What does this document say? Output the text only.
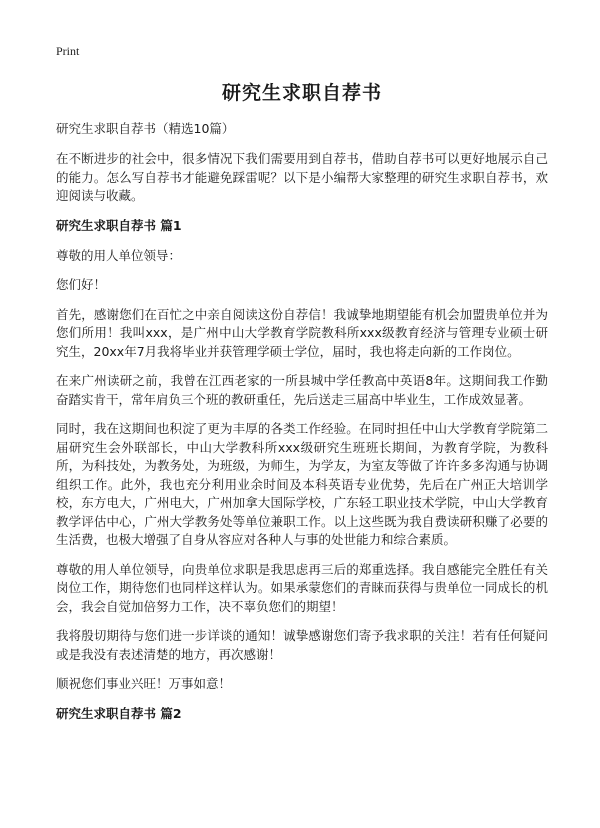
Print
研究生求职自荐书
研究生求职自荐书（精选10篇）

在不断进步的社会中，很多情况下我们需要用到自荐书，借助自荐书可以更好地展示自己的能力。怎么写自荐书才能避免踩雷呢？以下是小编帮大家整理的研究生求职自荐书，欢迎阅读与收藏。

研究生求职自荐书 篇1

尊敬的用人单位领导：

您们好！

首先，感谢您们在百忙之中亲自阅读这份自荐信！我诚挚地期望能有机会加盟贵单位并为您们所用！我叫xxx，是广州中山大学教育学院教科所xxx级教育经济与管理专业硕士研究生，20xx年7月我将毕业并获管理学硕士学位，届时，我也将走向新的工作岗位。

在来广州读研之前，我曾在江西老家的一所县城中学任教高中英语8年。这期间我工作勤奋踏实肯干，常年肩负三个班的教研重任，先后送走三届高中毕业生，工作成效显著。

同时，我在这期间也积淀了更为丰厚的各类工作经验。在同时担任中山大学教育学院第二届研究生会外联部长，中山大学教科所xxx级研究生班班长期间，为教育学院，为教科所，为科技处，为教务处，为班级，为师生，为学友，为室友等做了许许多多沟通与协调组织工作。此外，我也充分利用业余时间及本科英语专业优势，先后在广州正大培训学校，东方电大，广州电大，广州加拿大国际学校，广东轻工职业技术学院，中山大学教育教学评估中心，广州大学教务处等单位兼职工作。以上这些既为我自费读研积赚了必要的生活费，也极大增强了自身从容应对各种人与事的处世能力和综合素质。

尊敬的用人单位领导，向贵单位求职是我思虑再三后的郑重选择。我自感能完全胜任有关岗位工作，期待您们也同样这样认为。如果承蒙您们的青睐而获得与贵单位一同成长的机会，我会自觉加倍努力工作，决不辜负您们的期望！

我将殷切期待与您们进一步详谈的通知！诚挚感谢您们寄予我求职的关注！若有任何疑问或是我没有表述清楚的地方，再次感谢！

顺祝您们事业兴旺！万事如意！

研究生求职自荐书 篇2
